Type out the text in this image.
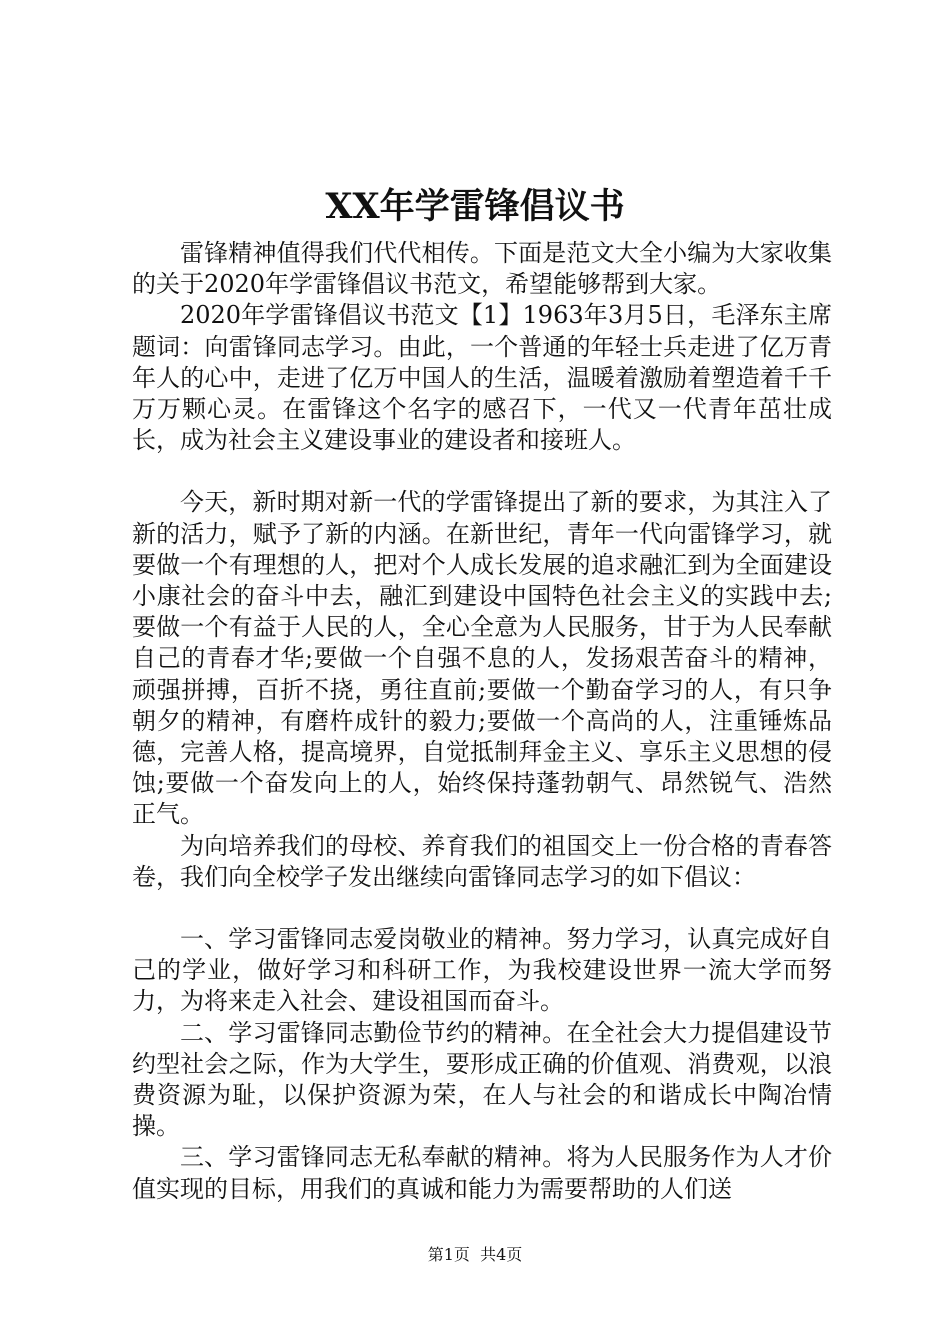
XX年学雷锋倡议书

雷锋精神值得我们代代相传。下面是范文大全小编为大家收集的关于2020年学雷锋倡议书范文，希望能够帮到大家。

2020年学雷锋倡议书范文【1】1963年3月5日，毛泽东主席题词：向雷锋同志学习。由此，一个普通的年轻士兵走进了亿万青年人的心中，走进了亿万中国人的生活，温暖着激励着塑造着千千万万颗心灵。在雷锋这个名字的感召下，一代又一代青年茁壮成长，成为社会主义建设事业的建设者和接班人。

今天，新时期对新一代的学雷锋提出了新的要求，为其注入了新的活力，赋予了新的内涵。在新世纪，青年一代向雷锋学习，就要做一个有理想的人，把对个人成长发展的追求融汇到为全面建设小康社会的奋斗中去，融汇到建设中国特色社会主义的实践中去;要做一个有益于人民的人，全心全意为人民服务，甘于为人民奉献自己的青春才华;要做一个自强不息的人，发扬艰苦奋斗的精神，顽强拼搏，百折不挠，勇往直前;要做一个勤奋学习的人，有只争朝夕的精神，有磨杵成针的毅力;要做一个高尚的人，注重锤炼品德，完善人格，提高境界，自觉抵制拜金主义、享乐主义思想的侵蚀;要做一个奋发向上的人，始终保持蓬勃朝气、昂然锐气、浩然正气。

为向培养我们的母校、养育我们的祖国交上一份合格的青春答卷，我们向全校学子发出继续向雷锋同志学习的如下倡议：

一、学习雷锋同志爱岗敬业的精神。努力学习，认真完成好自己的学业，做好学习和科研工作，为我校建设世界一流大学而努力，为将来走入社会、建设祖国而奋斗。

二、学习雷锋同志勤俭节约的精神。在全社会大力提倡建设节约型社会之际，作为大学生，要形成正确的价值观、消费观，以浪费资源为耻，以保护资源为荣，在人与社会的和谐成长中陶冶情操。

三、学习雷锋同志无私奉献的精神。将为人民服务作为人才价值实现的目标，用我们的真诚和能力为需要帮助的人们送

第1页 共4页
